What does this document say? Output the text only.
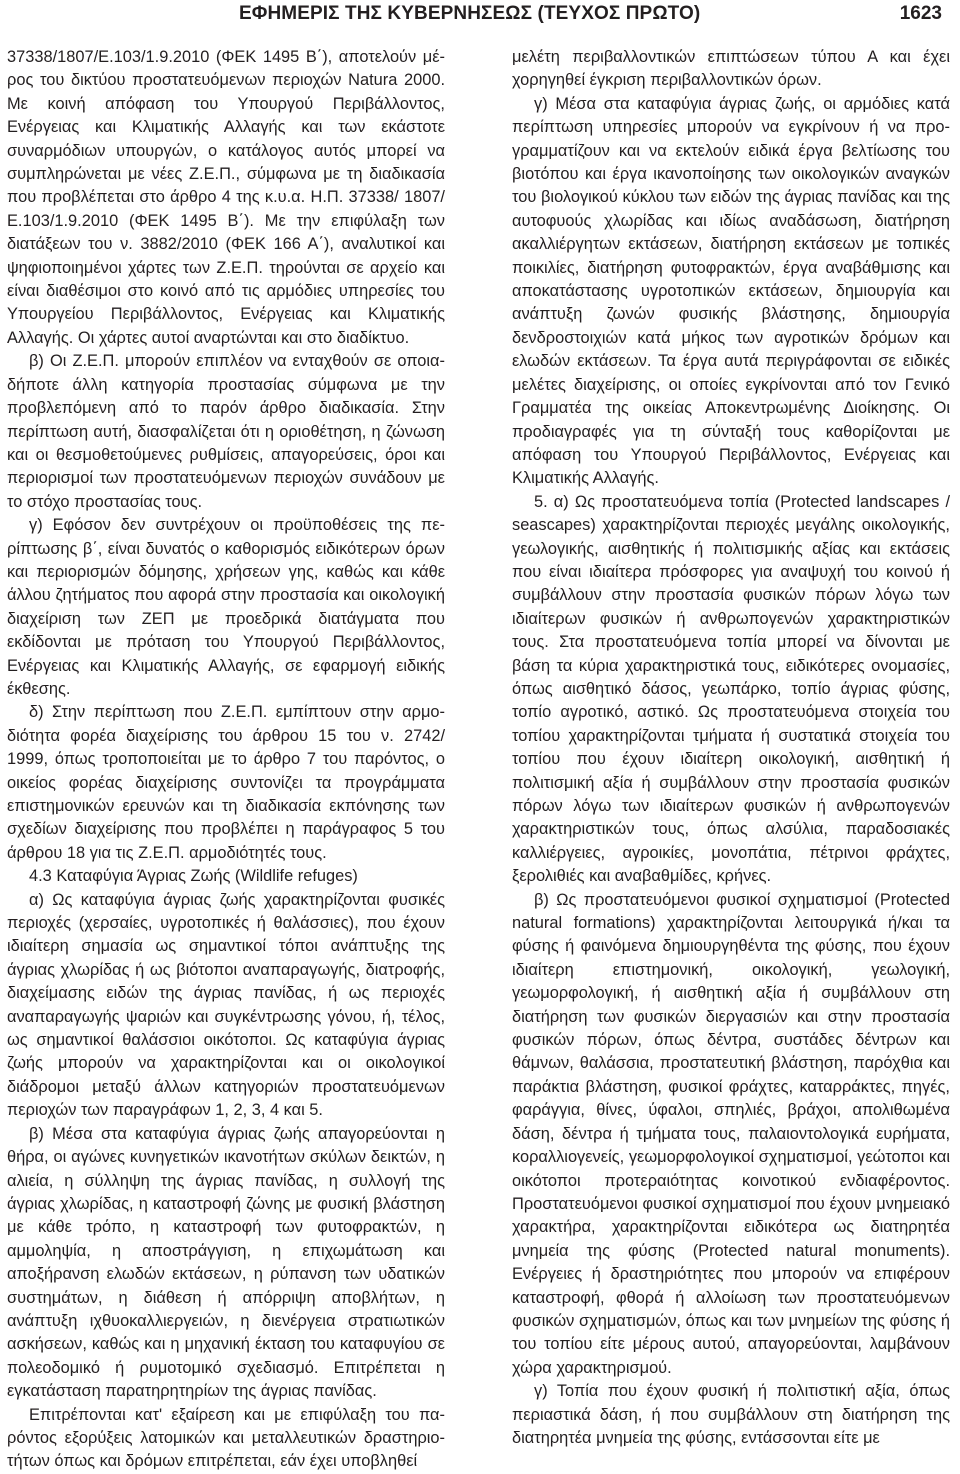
ΕΦΗΜΕΡΙΣ ΤΗΣ ΚΥΒΕΡΝΗΣΕΩΣ (ΤΕΥΧΟΣ ΠΡΩΤΟ)	1623

37338/1807/Ε.103/1.9.2010 (ΦΕΚ 1495 Β΄), αποτελούν μέρος του δικτύου προστατευόμενων περιοχών Natura 2000. Με κοινή απόφαση του Υπουργού Περιβάλλοντος, Ενέργειας και Κλιματικής Αλλαγής και των εκάστοτε συναρμόδιων υπουργών, ο κατάλογος αυτός μπορεί να συμπληρώνεται με νέες Ζ.Ε.Π., σύμφωνα με τη διαδικασία που προβλέπεται στο άρθρο 4 της κ.υ.α. Η.Π. 37338/ 1807/Ε.103/1.9.2010 (ΦΕΚ 1495 Β΄). Με την επιφύλαξη των διατάξεων του ν. 3882/2010 (ΦΕΚ 166 Α΄), αναλυτικοί και ψηφιοποιημένοι χάρτες των Ζ.Ε.Π. τηρούνται σε αρχείο και είναι διαθέσιμοι στο κοινό από τις αρμόδιες υπηρεσίες του Υπουργείου Περιβάλλοντος, Ενέργειας και Κλιματικής Αλλαγής. Οι χάρτες αυτοί αναρτώνται και στο διαδίκτυο.

β) Οι Ζ.Ε.Π. μπορούν επιπλέον να ενταχθούν σε οποιαδήποτε άλλη κατηγορία προστασίας σύμφωνα με την προβλεπόμενη από το παρόν άρθρο διαδικασία. Στην περίπτωση αυτή, διασφαλίζεται ότι η οριοθέτηση, η ζώνωση και οι θεσμοθετούμενες ρυθμίσεις, απαγορεύσεις, όροι και περιορισμοί των προστατευόμενων περιοχών συνάδουν με το στόχο προστασίας τους.

γ) Εφόσον δεν συντρέχουν οι προϋποθέσεις της περίπτωσης β΄, είναι δυνατός ο καθορισμός ειδικότερων όρων και περιορισμών δόμησης, χρήσεων γης, καθώς και κάθε άλλου ζητήματος που αφορά στην προστασία και οικολογική διαχείριση των ΖΕΠ με προεδρικά διατάγματα που εκδίδονται με πρόταση του Υπουργού Περιβάλλοντος, Ενέργειας και Κλιματικής Αλλαγής, σε εφαρμογή ειδικής έκθεσης.

δ) Στην περίπτωση που Ζ.Ε.Π. εμπίπτουν στην αρμοδιότητα φορέα διαχείρισης του άρθρου 15 του ν. 2742/ 1999, όπως τροποποιείται με το άρθρο 7 του παρόντος, ο οικείος φορέας διαχείρισης συντονίζει τα προγράμματα επιστημονικών ερευνών και τη διαδικασία εκπόνησης των σχεδίων διαχείρισης που προβλέπει η παράγραφος 5 του άρθρου 18 για τις Ζ.Ε.Π. αρμοδιότητές τους.

4.3 Καταφύγια Άγριας Ζωής (Wildlife refuges)

α) Ως καταφύγια άγριας ζωής χαρακτηρίζονται φυσικές περιοχές (χερσαίες, υγροτοπικές ή θαλάσσιες), που έχουν ιδιαίτερη σημασία ως σημαντικοί τόποι ανάπτυξης της άγριας χλωρίδας ή ως βιότοποι αναπαραγωγής, διατροφής, διαχείμασης ειδών της άγριας πανίδας, ή ως περιοχές αναπαραγωγής ψαριών και συγκέντρωσης γόνου, ή, τέλος, ως σημαντικοί θαλάσσιοι οικότοποι. Ως καταφύγια άγριας ζωής μπορούν να χαρακτηρίζονται και οι οικολογικοί διάδρομοι μεταξύ άλλων κατηγοριών προστατευόμενων περιοχών των παραγράφων 1, 2, 3, 4 και 5.

β) Μέσα στα καταφύγια άγριας ζωής απαγορεύονται η θήρα, οι αγώνες κυνηγετικών ικανοτήτων σκύλων δεικτών, η αλιεία, η σύλληψη της άγριας πανίδας, η συλλογή της άγριας χλωρίδας, η καταστροφή ζώνης με φυσική βλάστηση με κάθε τρόπο, η καταστροφή των φυτοφρακτών, η αμμοληψία, η αποστράγγιση, η επιχωμάτωση και αποξήρανση ελωδών εκτάσεων, η ρύπανση των υδατικών συστημάτων, η διάθεση ή απόρριψη αποβλήτων, η ανάπτυξη ιχθυοκαλλιεργειών, η διενέργεια στρατιωτικών ασκήσεων, καθώς και η μηχανική έκταση του καταφυγίου σε πολεοδομικό ή ρυμοτομικό σχεδιασμό. Επιτρέπεται η εγκατάσταση παρατηρητηρίων της άγριας πανίδας.

Επιτρέπονται κατ' εξαίρεση και με επιφύλαξη του παρόντος εξορύξεις λατομικών και μεταλλευτικών δραστηριοτήτων όπως και δρόμων επιτρέπεται, εάν έχει υποβληθεί

μελέτη περιβαλλοντικών επιπτώσεων τύπου Α και έχει χορηγηθεί έγκριση περιβαλλοντικών όρων.

γ) Μέσα στα καταφύγια άγριας ζωής, οι αρμόδιες κατά περίπτωση υπηρεσίες μπορούν να εγκρίνουν ή να προγραμματίζουν και να εκτελούν ειδικά έργα βελτίωσης του βιοτόπου και έργα ικανοποίησης των οικολογικών αναγκών του βιολογικού κύκλου των ειδών της άγριας πανίδας και της αυτοφυούς χλωρίδας και ιδίως αναδάσωση, διατήρηση ακαλλιέργητων εκτάσεων, διατήρηση εκτάσεων με τοπικές ποικιλίες, διατήρηση φυτοφρακτών, έργα αναβάθμισης και αποκατάστασης υγροτοπικών εκτάσεων, δημιουργία και ανάπτυξη ζωνών φυσικής βλάστησης, δημιουργία δενδροστοιχιών κατά μήκος των αγροτικών δρόμων και ελωδών εκτάσεων. Τα έργα αυτά περιγράφονται σε ειδικές μελέτες διαχείρισης, οι οποίες εγκρίνονται από τον Γενικό Γραμματέα της οικείας Αποκεντρωμένης Διοίκησης. Οι προδιαγραφές για τη σύνταξή τους καθορίζονται με απόφαση του Υπουργού Περιβάλλοντος, Ενέργειας και Κλιματικής Αλλαγής.

5. α) Ως προστατευόμενα τοπία (Protected landscapes / seascapes) χαρακτηρίζονται περιοχές μεγάλης οικολογικής, γεωλογικής, αισθητικής ή πολιτισμικής αξίας και εκτάσεις που είναι ιδιαίτερα πρόσφορες για αναψυχή του κοινού ή συμβάλλουν στην προστασία φυσικών πόρων λόγω των ιδιαίτερων φυσικών ή ανθρωπογενών χαρακτηριστικών τους. Στα προστατευόμενα τοπία μπορεί να δίνονται με βάση τα κύρια χαρακτηριστικά τους, ειδικότερες ονομασίες, όπως αισθητικό δάσος, γεωπάρκο, τοπίο άγριας φύσης, τοπίο αγροτικό, αστικό. Ως προστατευόμενα στοιχεία του τοπίου χαρακτηρίζονται τμήματα ή συστατικά στοιχεία του τοπίου που έχουν ιδιαίτερη οικολογική, αισθητική ή πολιτισμική αξία ή συμβάλλουν στην προστασία φυσικών πόρων λόγω των ιδιαίτερων φυσικών ή ανθρωπογενών χαρακτηριστικών τους, όπως αλσύλια, παραδοσιακές καλλιέργειες, αγροικίες, μονοπάτια, πέτρινοι φράχτες, ξερολιθιές και αναβαθμίδες, κρήνες.

β) Ως προστατευόμενοι φυσικοί σχηματισμοί (Protected natural formations) χαρακτηρίζονται λειτουργικά ή/και τα φύσης ή φαινόμενα δημιουργηθέντα της φύσης, που έχουν ιδιαίτερη επιστημονική, οικολογική, γεωλογική, γεωμορφολογική, ή αισθητική αξία ή συμβάλλουν στη διατήρηση των φυσικών διεργασιών και στην προστασία φυσικών πόρων, όπως δέντρα, συστάδες δέντρων και θάμνων, θαλάσσια, προστατευτική βλάστηση, παρόχθια και παράκτια βλάστηση, φυσικοί φράχτες, καταρράκτες, πηγές, φαράγγια, θίνες, ύφαλοι, σπηλιές, βράχοι, απολιθωμένα δάση, δέντρα ή τμήματα τους, παλαιοντολογικά ευρήματα, κοραλλιογενείς, γεωμορφολογικοί σχηματισμοί, γεώτοποι και οικότοποι προτεραιότητας κοινοτικού ενδιαφέροντος. Προστατευόμενοι φυσικοί σχηματισμοί που έχουν μνημειακό χαρακτήρα, χαρακτηρίζονται ειδικότερα ως διατηρητέα μνημεία της φύσης (Protected natural monuments). Ενέργειες ή δραστηριότητες που μπορούν να επιφέρουν καταστροφή, φθορά ή αλλοίωση των προστατευόμενων φυσικών σχηματισμών, όπως και των μνημείων της φύσης ή του τοπίου είτε μέρους αυτού, απαγορεύονται, λαμβάνουν χώρα χαρακτηρισμού.

γ) Τοπία που έχουν φυσική ή πολιτιστική αξία, όπως περιαστικά δάση, ή που συμβάλλουν στη διατήρηση της διατηρητέα μνημεία της φύσης, εντάσσονται είτε με
